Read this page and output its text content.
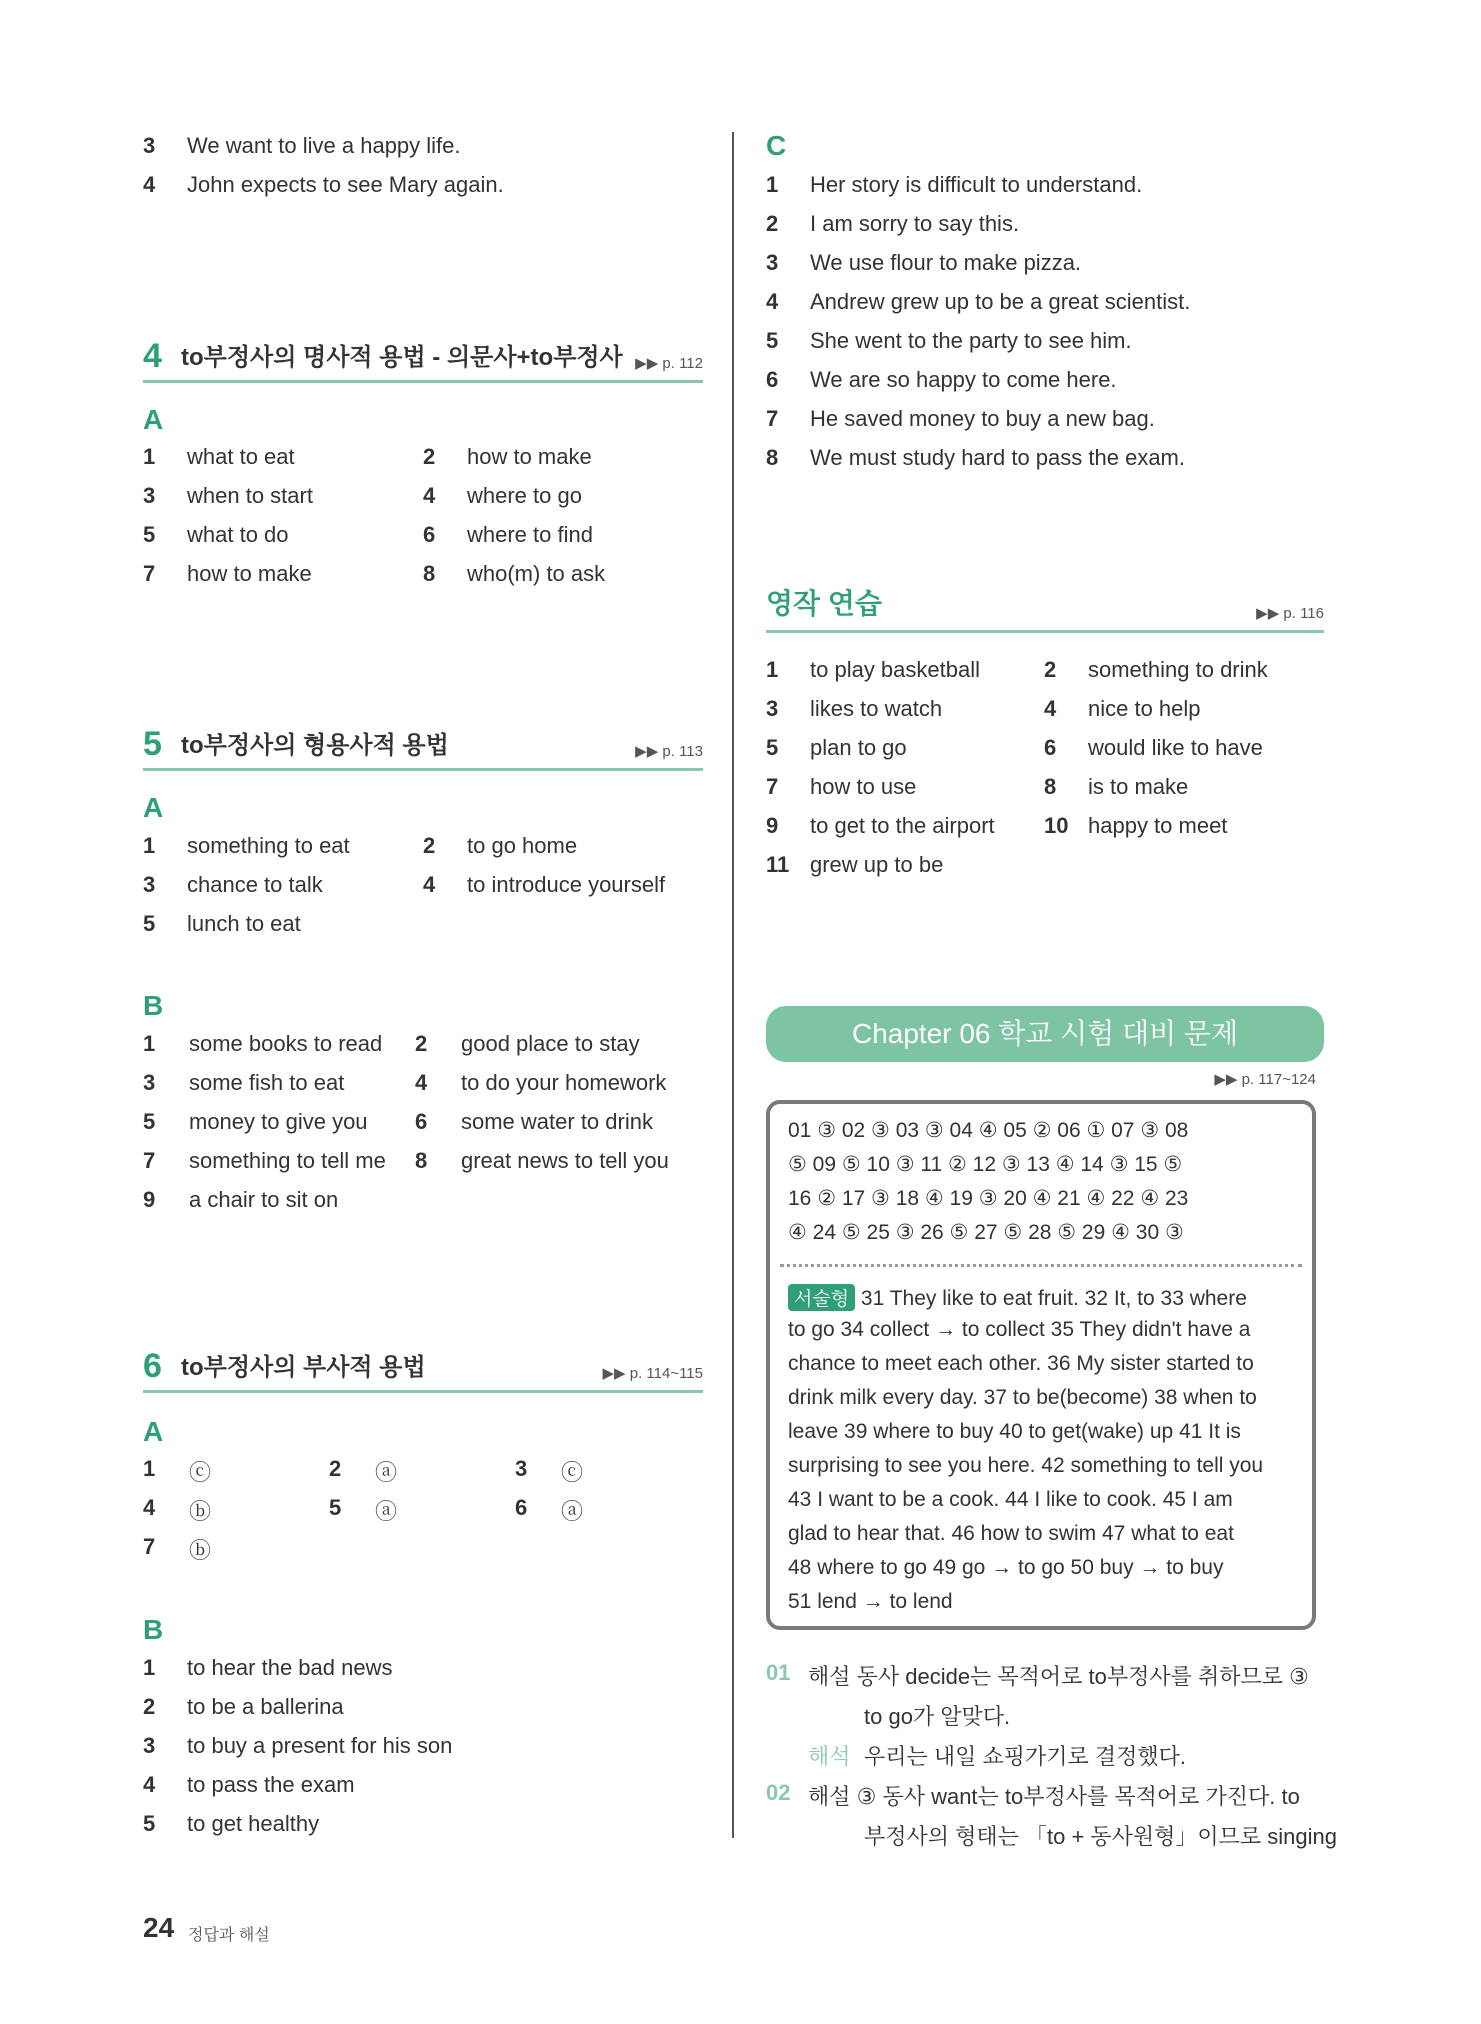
3 We want to live a happy life.
4 John expects to see Mary again.
4 to부정사의 명사적 용법 - 의문사+to부정사 ▶▶ p. 112
A
5 to부정사의 형용사적 용법	▶▶ p. 113
A
B
6 to부정사의 부사적 용법	▶▶ p. 114~115
A
B
C
영작 연습	▶▶ p. 116
Chapter 06 학교 시험 대비 문제
▶▶ p. 117~124
01 ③ 02 ③ 03 ③ 04 ④ 05 ② 06 ① 07 ③ 08
⑤ 09 ⑤ 10 ③ 11 ② 12 ③ 13 ④ 14 ③ 15 ⑤
16 ② 17 ③ 18 ④ 19 ③ 20 ④ 21 ④ 22 ④ 23
④ 24 ⑤ 25 ③ 26 ⑤ 27 ⑤ 28 ⑤ 29 ④ 30 ③
서술형 31 They like to eat fruit. 32 It, to 33 where
to go 34 collect → to collect 35 They didn't have a
chance to meet each other. 36 My sister started to
drink milk every day. 37 to be(become) 38 when to
leave 39 where to buy 40 to get(wake) up 41 It is
surprising to see you here. 42 something to tell you
43 I want to be a cook. 44 I like to cook. 45 I am
glad to hear that. 46 how to swim 47 what to eat
48 where to go 49 go → to go 50 buy → to buy
51 lend → to lend
01 해설 동사 decide는 목적어로 to부정사를 취하므로 ③
to go가 알맞다.
해석 우리는 내일 쇼핑가기로 결정했다.
02 해설 ③ 동사 want는 to부정사를 목적어로 가진다. to
부정사의 형태는 「to + 동사원형」이므로 singing
24 정답과 해설
1 what to eat	2 how to make
3 when to start	4 where to go
5 what to do	6 where to find
7 how to make	8 who(m) to ask
1 something to eat	2 to go home
3 chance to talk	4 to introduce yourself
5 lunch to eat
1 some books to read 2 good place to stay
3 some fish to eat	4 to do your homework
5 money to give you 6 some water to drink
7 something to tell me 8 great news to tell you
9 a chair to sit on
1 ⓒ	2 ⓐ	3 ⓒ
4 ⓑ	5 ⓐ	6 ⓐ
7 ⓑ
1 to hear the bad news
2 to be a ballerina
3 to buy a present for his son
4 to pass the exam
5 to get healthy
1 Her story is difficult to understand.
2 I am sorry to say this.
3 We use flour to make pizza.
4 Andrew grew up to be a great scientist.
5 She went to the party to see him.
6 We are so happy to come here.
7 He saved money to buy a new bag.
8 We must study hard to pass the exam.
1 to play basketball	2 something to drink
3 likes to watch	4 nice to help
5 plan to go	6 would like to have
7 how to use	8 is to make
9 to get to the airport 10 happy to meet
11 grew up to be
